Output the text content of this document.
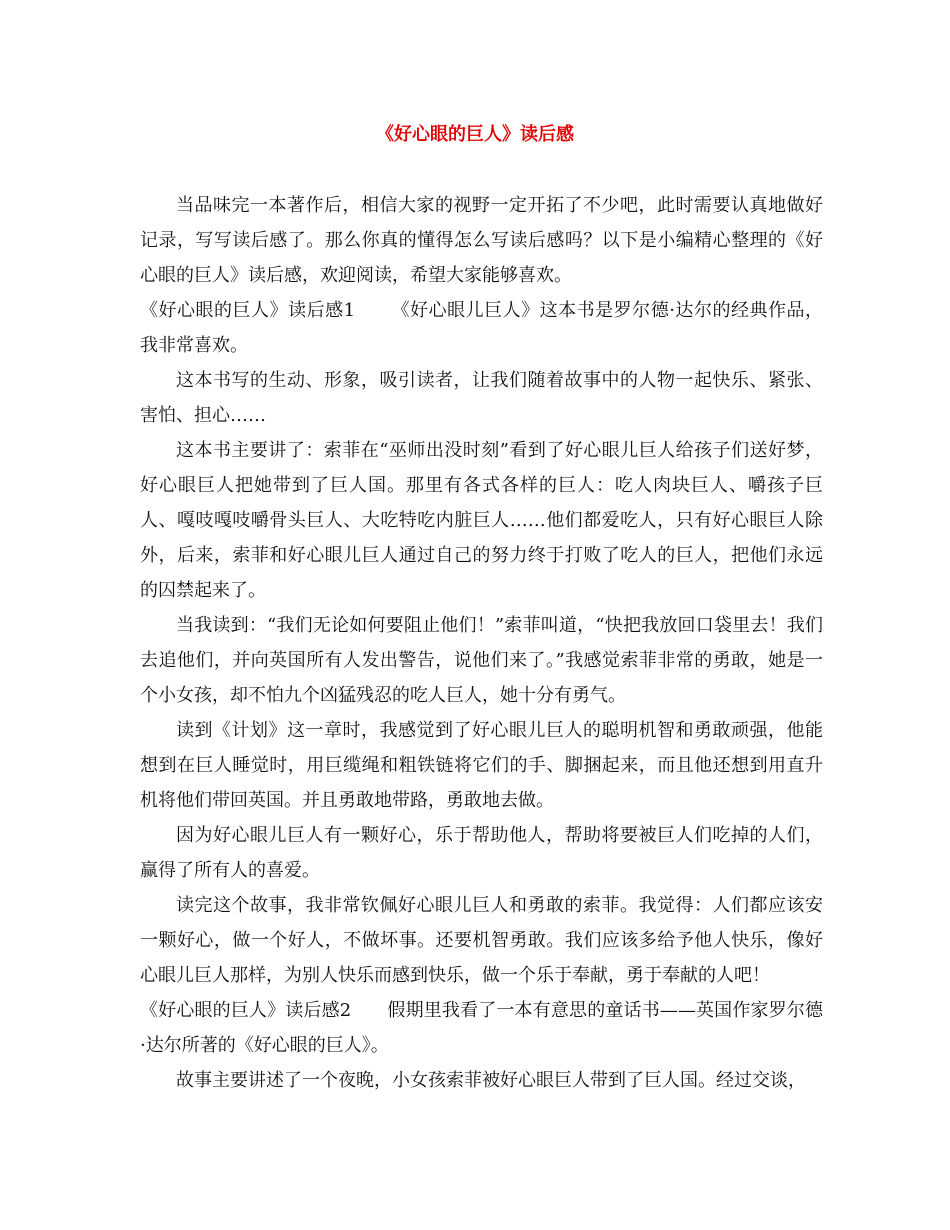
《好心眼的巨人》读后感

当品味完一本著作后，相信大家的视野一定开拓了不少吧，此时需要认真地做好记录，写写读后感了。那么你真的懂得怎么写读后感吗？以下是小编精心整理的《好心眼的巨人》读后感，欢迎阅读，希望大家能够喜欢。

《好心眼的巨人》读后感1 《好心眼儿巨人》这本书是罗尔德·达尔的经典作品，我非常喜欢。

这本书写的生动、形象，吸引读者，让我们随着故事中的人物一起快乐、紧张、害怕、担心……

这本书主要讲了：索菲在“巫师出没时刻”看到了好心眼儿巨人给孩子们送好梦，好心眼巨人把她带到了巨人国。那里有各式各样的巨人：吃人肉块巨人、嚼孩子巨人、嘎吱嘎吱嚼骨头巨人、大吃特吃内脏巨人……他们都爱吃人，只有好心眼巨人除外，后来，索菲和好心眼儿巨人通过自己的努力终于打败了吃人的巨人，把他们永远的囚禁起来了。

当我读到：“我们无论如何要阻止他们！”索菲叫道，“快把我放回口袋里去！我们去追他们，并向英国所有人发出警告，说他们来了。”我感觉索菲非常的勇敢，她是一个小女孩，却不怕九个凶猛残忍的吃人巨人，她十分有勇气。

读到《计划》这一章时，我感觉到了好心眼儿巨人的聪明机智和勇敢顽强，他能想到在巨人睡觉时，用巨缆绳和粗铁链将它们的手、脚捆起来，而且他还想到用直升机将他们带回英国。并且勇敢地带路，勇敢地去做。

因为好心眼儿巨人有一颗好心，乐于帮助他人，帮助将要被巨人们吃掉的人们，赢得了所有人的喜爱。

读完这个故事，我非常钦佩好心眼儿巨人和勇敢的索菲。我觉得：人们都应该安一颗好心，做一个好人，不做坏事。还要机智勇敢。我们应该多给予他人快乐，像好心眼儿巨人那样，为别人快乐而感到快乐，做一个乐于奉献，勇于奉献的人吧！

《好心眼的巨人》读后感2 假期里我看了一本有意思的童话书——英国作家罗尔德·达尔所著的《好心眼的巨人》。

故事主要讲述了一个夜晚，小女孩索菲被好心眼巨人带到了巨人国。经过交谈，
